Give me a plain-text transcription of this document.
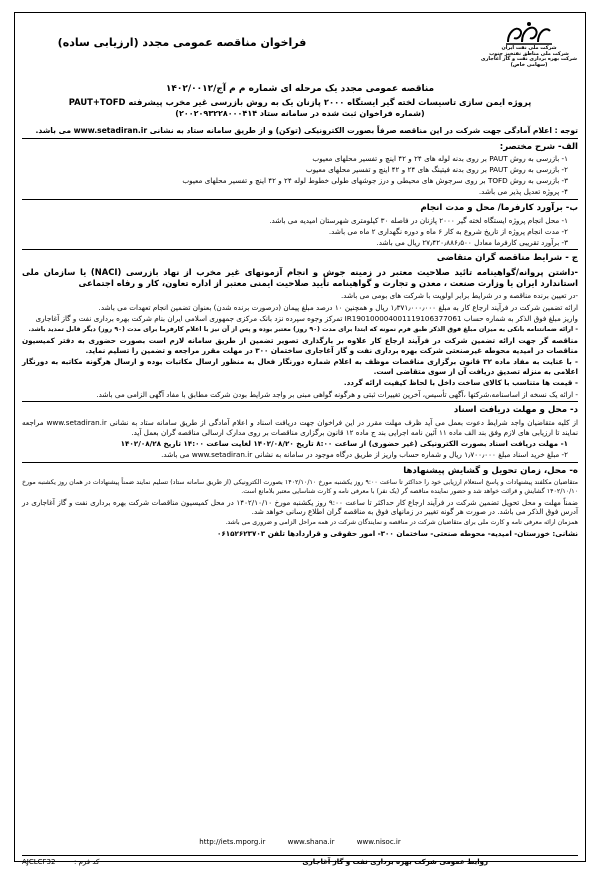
شرکت ملی نفت ایران
شرکت ملی مناطق نفتخیز جنوب
شرکت بهره برداری نفت و گاز آغاجاری (سهامی خاص)
فراخوان مناقصه عمومی مجدد (ارزیابی ساده)
مناقصه عمومی مجدد یک مرحله ای شماره م م آج/۱۴۰۲/۰۰۱۲
پروژه ایمن سازی تاسیسات لخته گیر ایستگاه ۲۰۰۰ پازنان یک به روش بازرسی غیر مخرب پیشرفته PAUT+TOFD
(شماره فراخوان ثبت شده در سامانه ستاد ۲۰۰۲۰۹۳۲۲۸۰۰۰۴۱۴)
توجه : اعلام آمادگی جهت شرکت در این مناقصه صرفاً بصورت الکترونیکی (توکن) و از طریق سامانه ستاد به نشانی www.setadiran.ir می باشد.
الف- شرح مختصر:
۱- بازرسی به روش PAUT بر روی بدنه لوله های ۲۴ و ۴۲ اینچ و تفسیر محلهای معیوب
۲- بازرسی به روش PAUT بر روی بدنه فیتینگ های ۲۴ و ۴۲ اینچ و تفسیر محلهای معیوب
۳- بازرسی به روش TOFD بر روی سرجوش های محیطی و درز جوشهای طولی خطوط لوله ۲۴ و ۴۲ اینچ و تفسیر محلهای معیوب
۴- پروژه تعدیل پذیر می باشد.
ب- برآورد کارفرما/ محل و مدت انجام
۱- محل انجام پروژه ایستگاه لخته گیر ۲۰۰۰ پازنان در فاصله ۳۰ کیلومتری شهرستان امیدیه می باشد.
۲- مدت انجام پروژه از تاریخ شروع به کار ۶ ماه و دوره نگهداری ۲ ماه می باشد.
۳- برآورد تقریبی کارفرما معادل ۲۷٫۴۲۰٫۸۸۶٫۵۰۰ ریال می باشد.
ج - شرایط مناقصه گران متقاضی
-داشتن پروانه/گواهینامه تائید صلاحیت معتبر در زمینه جوش و انجام آزمونهای غیر مخرب از نهاد بازرسی (NACI) یا سازمان ملی استاندارد ایران یا وزارت صنعت ، معدن و تجارت و گواهینامه تأیید صلاحیت ایمنی معتبر از اداره تعاون، کار و رفاه اجتماعی
-در تعیین برنده مناقصه و در شرایط برابر اولویت با شرکت های بومی می باشد.
ارائه تضمین شرکت در فرآیند ارجاع کار به مبلغ ۱٫۳۷۱٫۰۰۰٫۰۰۰ ریال و همچنین ۱۰ درصد مبلغ پیمان (درصورت برنده شدن) بعنوان تضمین انجام تعهدات می باشد.
واریز مبلغ فوق الذکر به شماره حساب IR190100004001119106377061 تمرکز وجوه سپرده نزد بانک مرکزی جمهوری اسلامی ایران بنام شرکت بهره برداری نفت و گاز آغاجاری
- ارائه ضمانتنامه بانکی به میزان مبلغ فوق الذکر طبق فرم نمونه که ابتدا برای مدت (۹۰ روز) معتبر بوده و پس از آن نیز با اعلام کارفرما برای مدت (۹۰ روز) دیگر قابل تمدید باشد.
مناقصه گر جهت ارائه تضمین شرکت در فرآیند ارجاع کار علاوه بر بارگذاری تصویر تضمین از طریق سامانه لازم است بصورت حضوری به دفتر کمیسیون مناقصات در امیدیه محوطه غیرصنعتی شرکت بهره برداری نفت و گاز آغاجاری ساختمان ۳۰۰ در مهلت مقرر مراجعه و تضمین را تسلیم نماید.
- با عنایت به مفاد ماده ۳۲ قانون برگزاری مناقصات موظف به اعلام شماره دورنگار فعال به منظور ارسال مکاتبات بوده و ارسال هرگونه مکاتبه به دورنگار اعلامی به منزله تصدیق دریافت آن از سوی متقاضی است.
- قیمت ها متناسب با کالای ساخت داخل با لحاظ کیفیت ارائه گردد.
- ارائه یک نسخه از اساسنامه،شرکتها ،آگهی تأسیس، آخرین تغییرات ثبتی و هرگونه گواهی مبنی بر واجد شرایط بودن شرکت مطابق با مفاد آگهی الزامی می باشد.
د- محل و مهلت دریافت اسناد
از کلیه متقاضیان واجد شرایط دعوت بعمل می آید ظرف مهلت مقرر در این فراخوان جهت دریافت اسناد و اعلام آمادگی از طریق سامانه ستاد به نشانی www.setadiran.ir مراجعه نمایند تا ارزیابی های لازم وفق بند الف ماده ۱۱ آئین نامه اجرایی بند ج ماده ۱۲ قانون برگزاری مناقصات بر روی مدارک ارسالی مناقصه گران بعمل آید.
۱- مهلت دریافت اسناد بصورت الکترونیکی (غیر حضوری) از ساعت ۸:۰۰ تاریخ ۱۴۰۲/۰۸/۲۰ لغایت ساعت ۱۴:۰۰ تاریخ ۱۴۰۲/۰۸/۲۸
۲- مبلغ خرید اسناد مبلغ ۱٫۷۰۰٫۰۰۰ ریال و شماره حساب واریز از طریق درگاه موجود در سامانه به نشانی www.setadiran.ir می باشد.
ه- محل، زمان تحویل و گشایش پیشنهادها
متقاضیان مکلفند پیشنهادات و پاسخ استعلام ارزیابی خود را حداکثر تا ساعت ۹:۰۰ روز یکشنبه مورخ ۱۴۰۲/۱۰/۱۰ بصورت الکترونیکی (از طریق سامانه ستاد) تسلیم نمایند ضمناً پیشنهادات در همان روز یکشنبه مورخ ۱۴۰۲/۱۰/۱۰ گشایش و قرائت خواهد شد و حضور نماینده مناقصه گر (یک نفر) با معرفی نامه و کارت شناسایی معتبر بلامانع است.
ضمناً مهلت و محل تحویل تضمین شرکت در فرآیند ارجاع کار حداکثر تا ساعت ۹:۰۰ روز یکشنبه مورخ ۱۴۰۲/۱۰/۱۰ در محل کمیسیون مناقصات شرکت بهره برداری نفت و گاز آغاجاری در آدرس فوق الذکر می باشد. در صورت هر گونه تغییر در زمانهای فوق به مناقصه گران اطلاع رسانی خواهد شد.
همزمان ارائه معرفی نامه و کارت ملی برای متقاضیان شرکت در مناقصه و نمایندگان شرکت در همه مراحل الزامی و ضروری می باشد.
نشانی: خوزستان- امیدیه- محوطه صنعتی- ساختمان ۳۰۰- امور حقوقی و قراردادها تلفن ۰۶۱۵۲۶۲۳۷۰۳
http://iets.mporg.ir	www.shana.ir	www.nisoc.ir
روابط عمومی شرکت بهره برداری نفت و گاز آغاجاری
کد فرم :
AJCLCF32
